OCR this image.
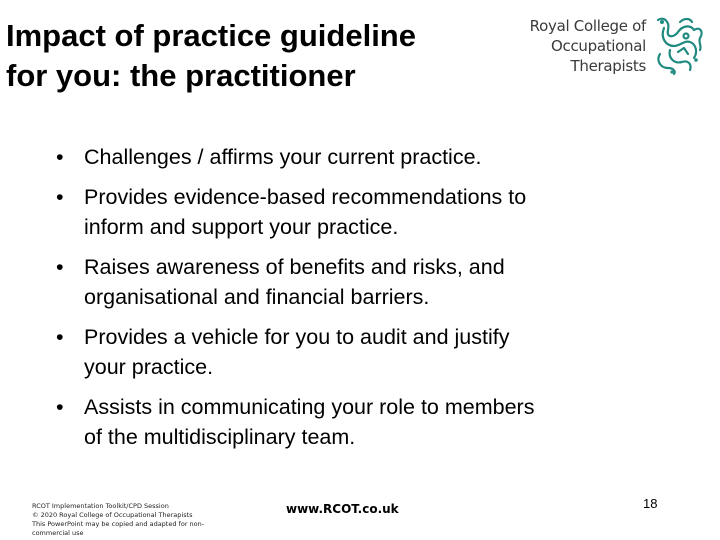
Impact of practice guideline
for you: the practitioner
Royal College of
Occupational
Therapists
• Challenges / affirms your current practice.
• Provides evidence-based recommendations to
inform and support your practice.
• Raises awareness of benefits and risks, and
organisational and financial barriers.
• Provides a vehicle for you to audit and justify
your practice.
• Assists in communicating your role to members
of the multidisciplinary team.
RCOT Implementation Toolkit/CPD Session
© 2020 Royal College of Occupational Therapists
This PowerPoint may be copied and adapted for non-
commercial use
www.RCOT.co.uk	18
